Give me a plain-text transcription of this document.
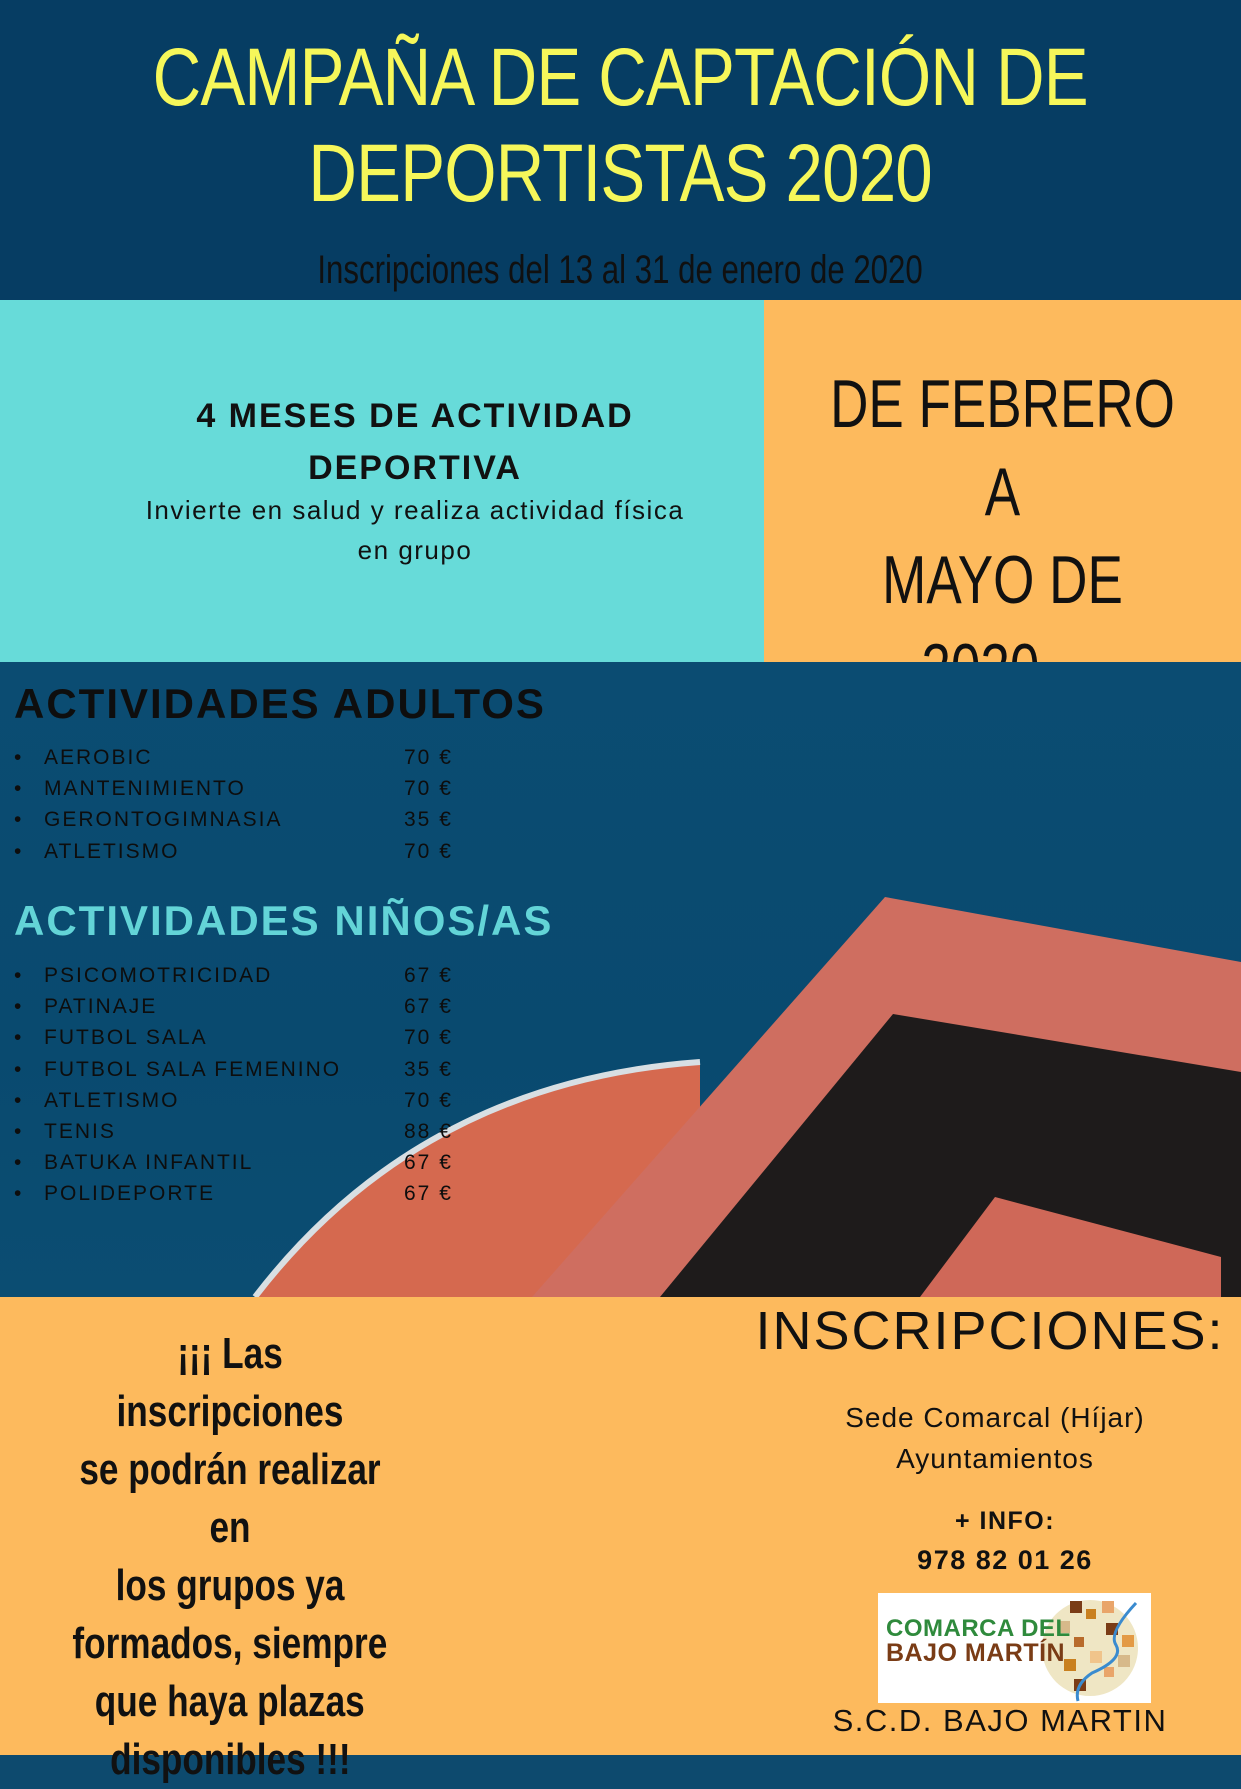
CAMPAÑA DE CAPTACIÓN DE
DEPORTISTAS 2020
Inscripciones del 13 al 31 de enero de 2020
4 MESES DE ACTIVIDAD
DEPORTIVA
Invierte en salud y realiza actividad física
en grupo
DE FEBRERO A
MAYO DE
ACTIVIDADES ADULTOS
• AEROBIC	70 €
• MANTENIMIENTO	70 €
• GERONTOGIMNASIA	35 €
• ATLETISMO	70 €
ACTIVIDADES NIÑOS/AS
• PSICOMOTRICIDAD	67 €
• PATINAJE	67 €
• FUTBOL SALA	70 €
• FUTBOL SALA FEMENINO	35 €
• ATLETISMO	70 €
• TENIS	88 €
• BATUKA INFANTIL	67 €
• POLIDEPORTE	67 €
¡¡¡ Las inscripciones
se podrán realizar en
los grupos ya
formados, siempre
que haya plazas
disponibles !!!
INSCRIPCIONES:
Sede Comarcal (Híjar)
Ayuntamientos
+ INFO:
978 82 01 26
COMARCA DEL
BAJO MARTÍN
S.C.D. BAJO MARTIN
